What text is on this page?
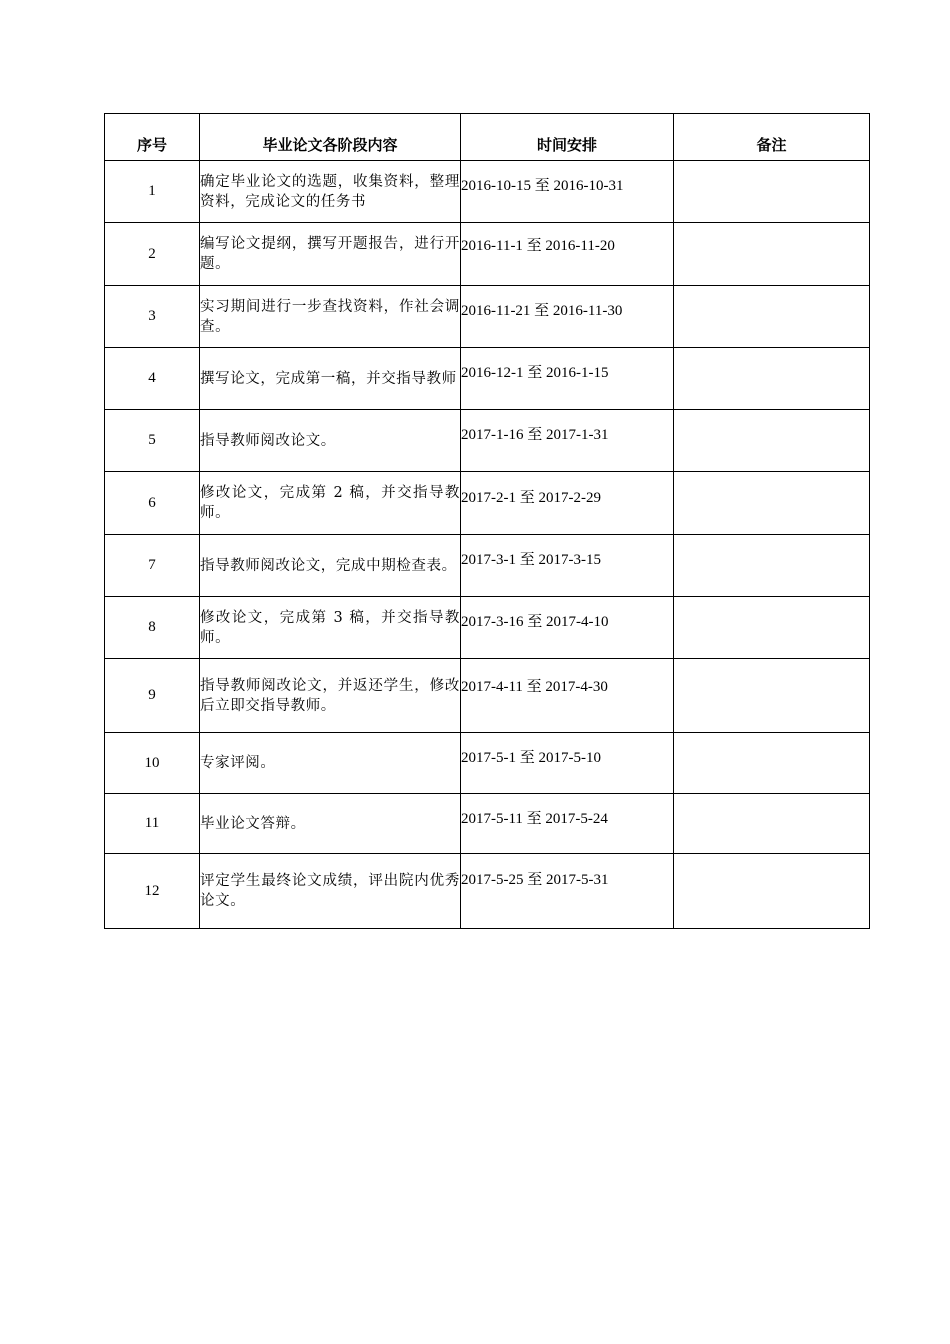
序号	毕业论文各阶段内容	时间安排	备注
1	确定毕业论文的选题，收集资料，整理资料，完成论文的任务书	2016-10-15 至 2016-10-31	

2	编写论文提纲，撰写开题报告，进行开题。	2016-11-1 至 2016-11-20	

3	实习期间进行一步查找资料，作社会调查。	2016-11-21 至 2016-11-30	

4	撰写论文，完成第一稿，并交指导教师	2016-12-1 至 2016-1-15	

5	指导教师阅改论文。	2017-1-16 至 2017-1-31	

6	修改论文，完成第 2 稿，并交指导教师。	2017-2-1 至 2017-2-29	

7	指导教师阅改论文，完成中期检查表。	2017-3-1 至 2017-3-15	

8	修改论文，完成第 3 稿，并交指导教师。	2017-3-16 至 2017-4-10	

9	指导教师阅改论文，并返还学生，修改后立即交指导教师。	2017-4-11 至 2017-4-30	

10	专家评阅。	2017-5-1 至 2017-5-10	

11	毕业论文答辩。	2017-5-11 至 2017-5-24	

12	评定学生最终论文成绩，评出院内优秀论文。	2017-5-25 至 2017-5-31	
